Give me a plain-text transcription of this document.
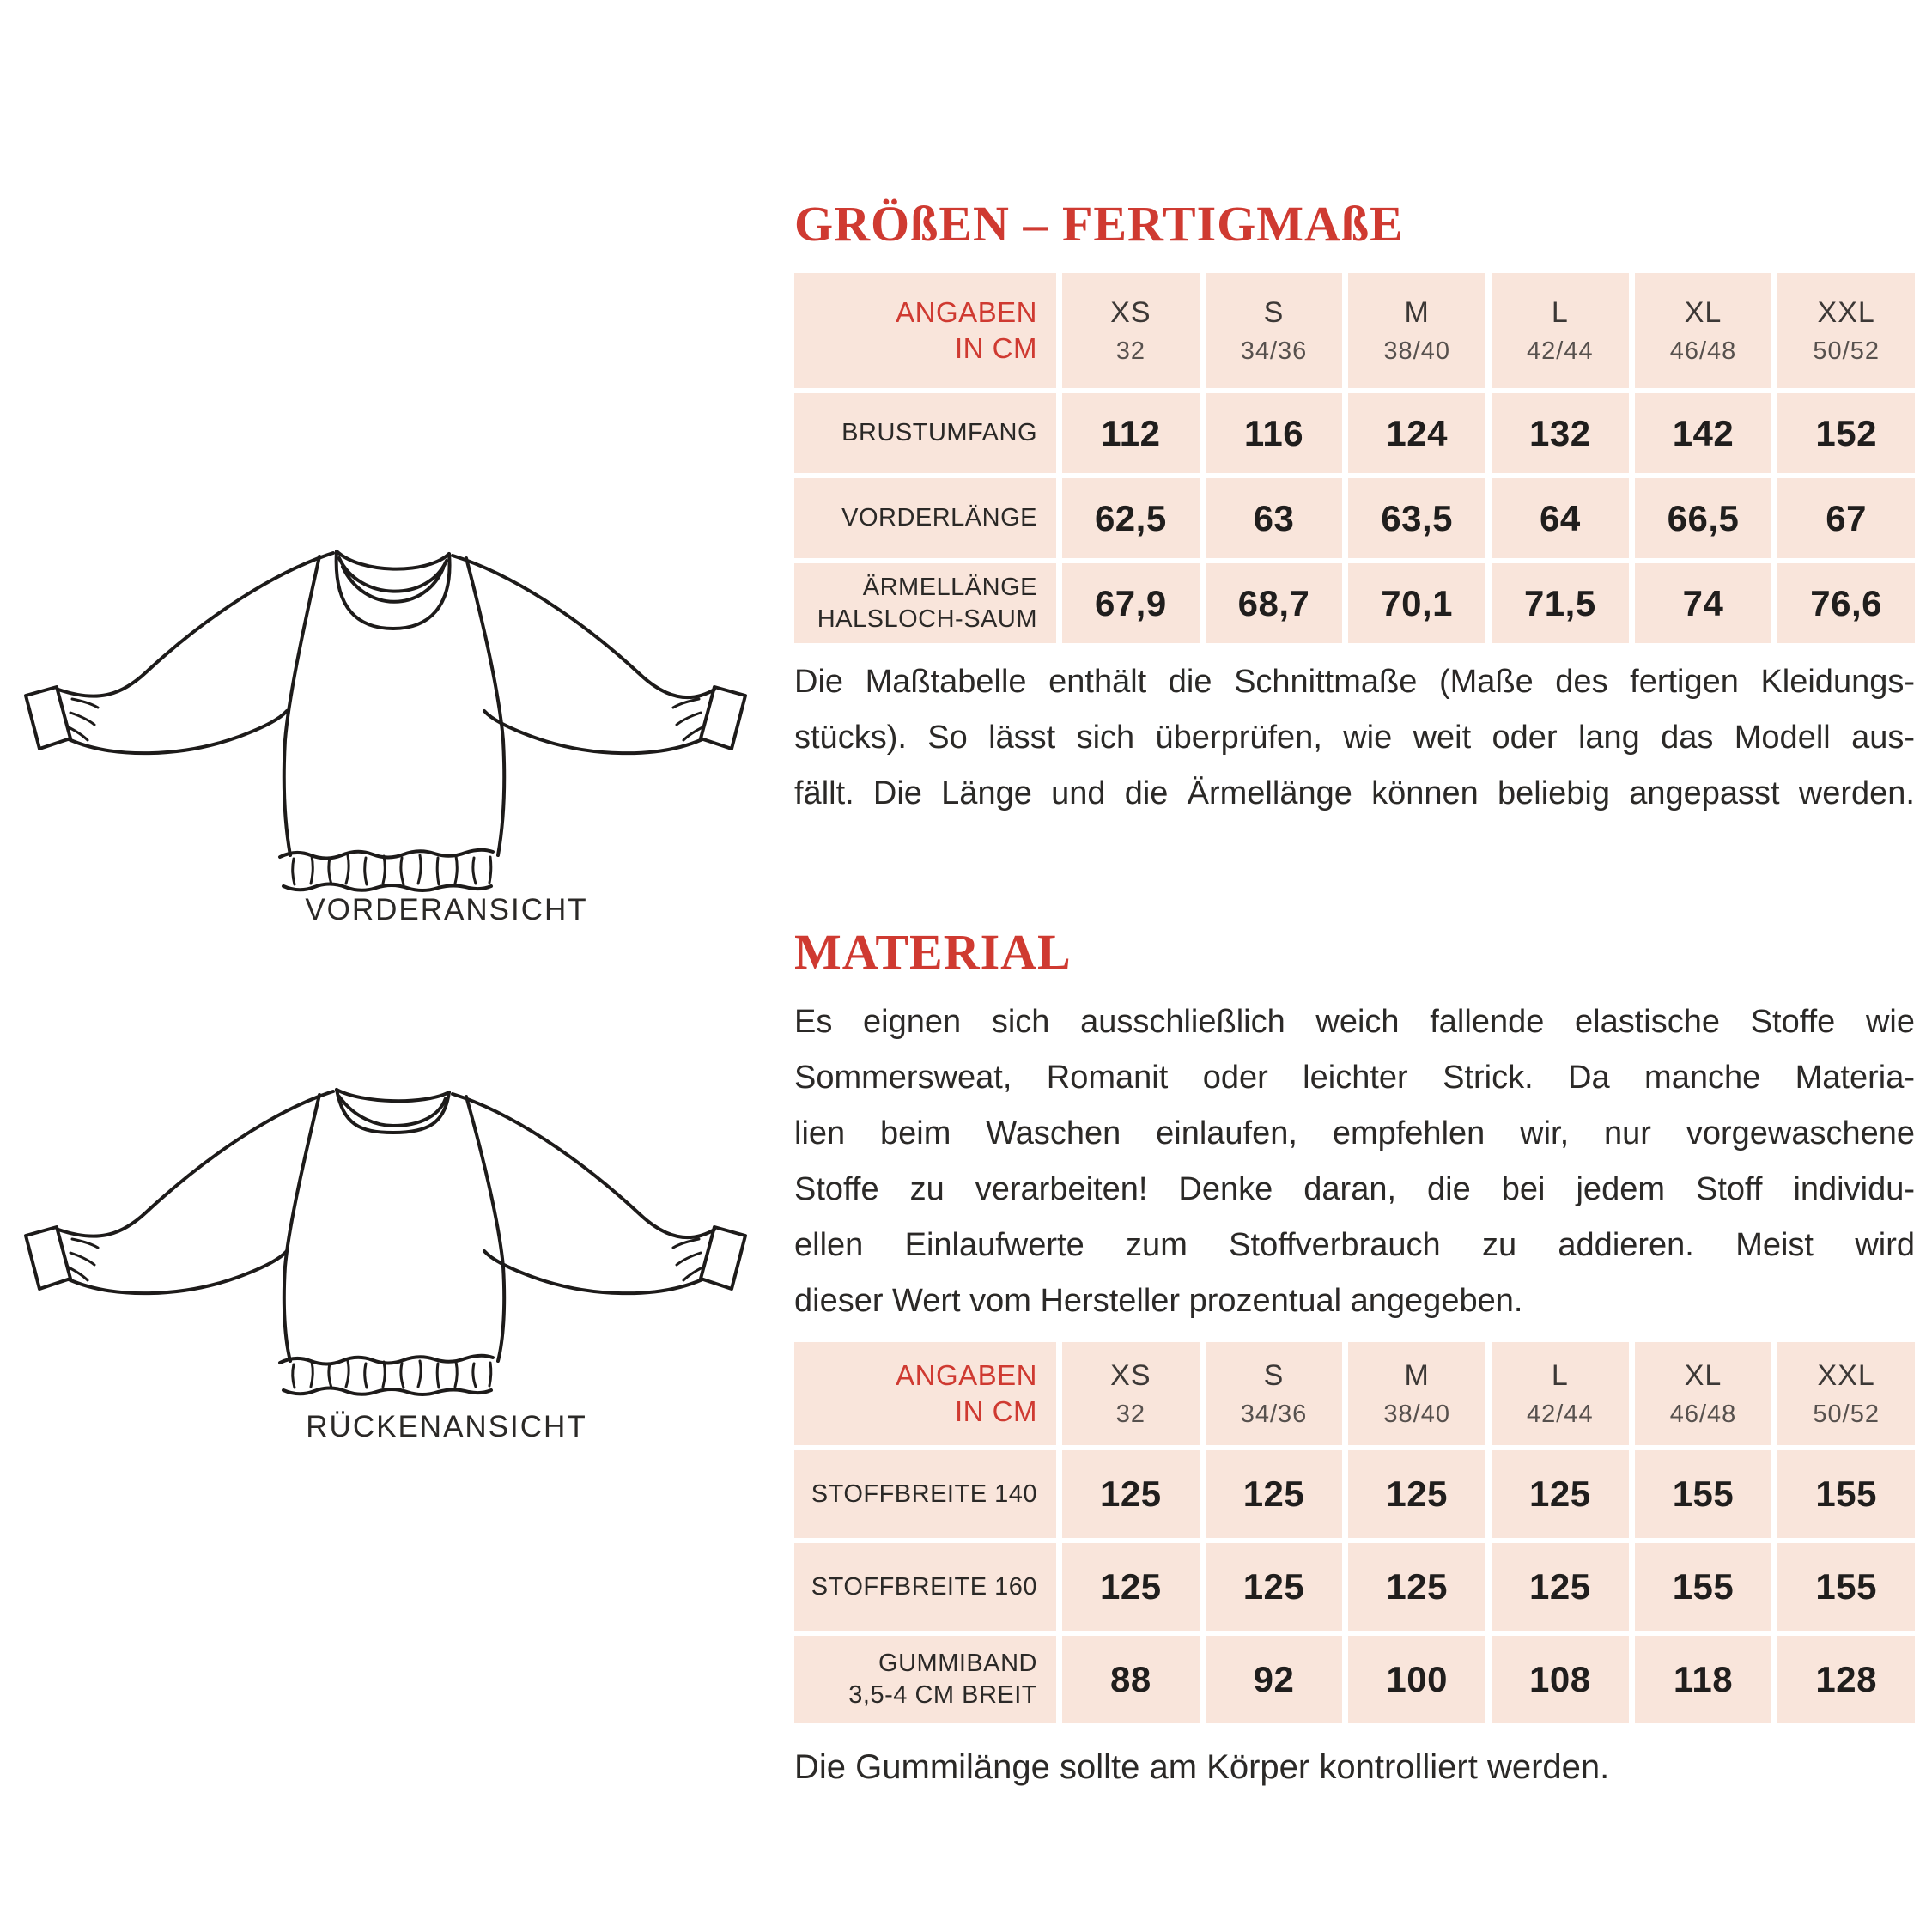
VORDERANSICHT
RÜCKENANSICHT
GRÖßEN – FERTIGMAßE
ANGABEN
IN CM
XS
32
S
34/36
M
38/40
L
42/44
XL
46/48
XXL
50/52
BRUSTUMFANG 112 116 124 132 142 152
VORDERLÄNGE 62,5 63 63,5 64 66,5 67
ÄRMELLÄNGE
HALSLOCH-SAUM 67,9 68,7 70,1 71,5 74 76,6
Die Maßtabelle enthält die Schnittmaße (Maße des fertigen Kleidungs-
stücks). So lässt sich überprüfen, wie weit oder lang das Modell aus-
fällt. Die Länge und die Ärmellänge können beliebig angepasst werden.
MATERIAL
Es eignen sich ausschließlich weich fallende elastische Stoffe wie
Sommersweat, Romanit oder leichter Strick. Da manche Materia-
lien beim Waschen einlaufen, empfehlen wir, nur vorgewaschene
Stoffe zu verarbeiten! Denke daran, die bei jedem Stoff individu-
ellen Einlaufwerte zum Stoffverbrauch zu addieren. Meist wird
dieser Wert vom Hersteller prozentual angegeben.
ANGABEN
IN CM
XS
32
S
34/36
M
38/40
L
42/44
XL
46/48
XXL
50/52
STOFFBREITE 140 125 125 125 125 155 155
STOFFBREITE 160 125 125 125 125 155 155
GUMMIBAND
3,5-4 CM BREIT 88	92	100 108 118 128
Die Gummilänge sollte am Körper kontrolliert werden.
